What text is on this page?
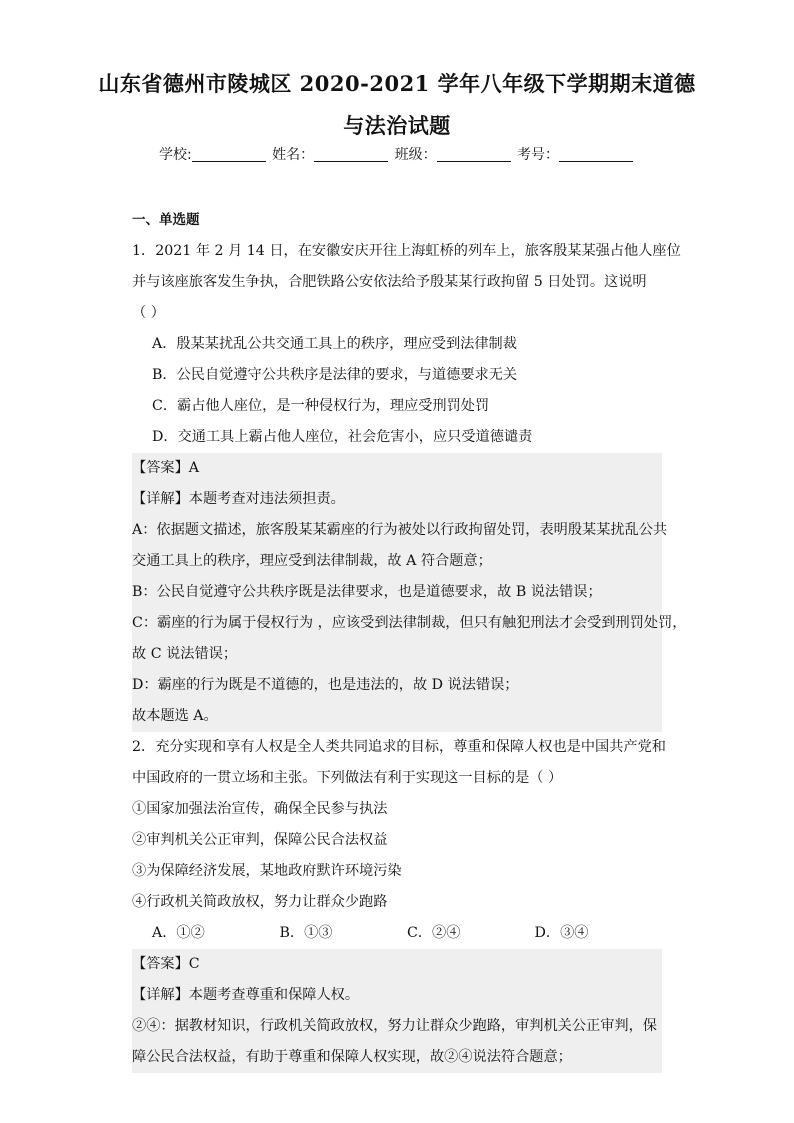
山东省德州市陵城区 2020-2021 学年八年级下学期期末道德
与法治试题
学校:	姓名：	班级：	考号：
一、单选题
1．2021 年 2 月 14 日，在安徽安庆开往上海虹桥的列车上，旅客殷某某强占他人座位
并与该座旅客发生争执，合肥铁路公安依法给予殷某某行政拘留 5 日处罚。这说明
（ ）
A．殷某某扰乱公共交通工具上的秩序，理应受到法律制裁
B．公民自觉遵守公共秩序是法律的要求，与道德要求无关
C．霸占他人座位，是一种侵权行为，理应受刑罚处罚
D．交通工具上霸占他人座位，社会危害小，应只受道德谴责
【答案】A
【详解】本题考查对违法须担责。
A：依据题文描述，旅客殷某某霸座的行为被处以行政拘留处罚，表明殷某某扰乱公共
交通工具上的秩序，理应受到法律制裁，故 A 符合题意；
B：公民自觉遵守公共秩序既是法律要求，也是道德要求，故 B 说法错误；
C：霸座的行为属于侵权行为 ，应该受到法律制裁，但只有触犯刑法才会受到刑罚处罚，
故 C 说法错误；
D：霸座的行为既是不道德的，也是违法的，故 D 说法错误；
故本题选 A。
2．充分实现和享有人权是全人类共同追求的目标，尊重和保障人权也是中国共产党和
中国政府的一贯立场和主张。下列做法有利于实现这一目标的是（ ）
①国家加强法治宣传，确保全民参与执法
②审判机关公正审判，保障公民合法权益
③为保障经济发展，某地政府默许环境污染
④行政机关简政放权，努力让群众少跑路
A．①②	B．①③	C．②④	D．③④
【答案】C
【详解】本题考查尊重和保障人权。
②④：据教材知识，行政机关简政放权，努力让群众少跑路，审判机关公正审判，保
障公民合法权益，有助于尊重和保障人权实现，故②④说法符合题意；
